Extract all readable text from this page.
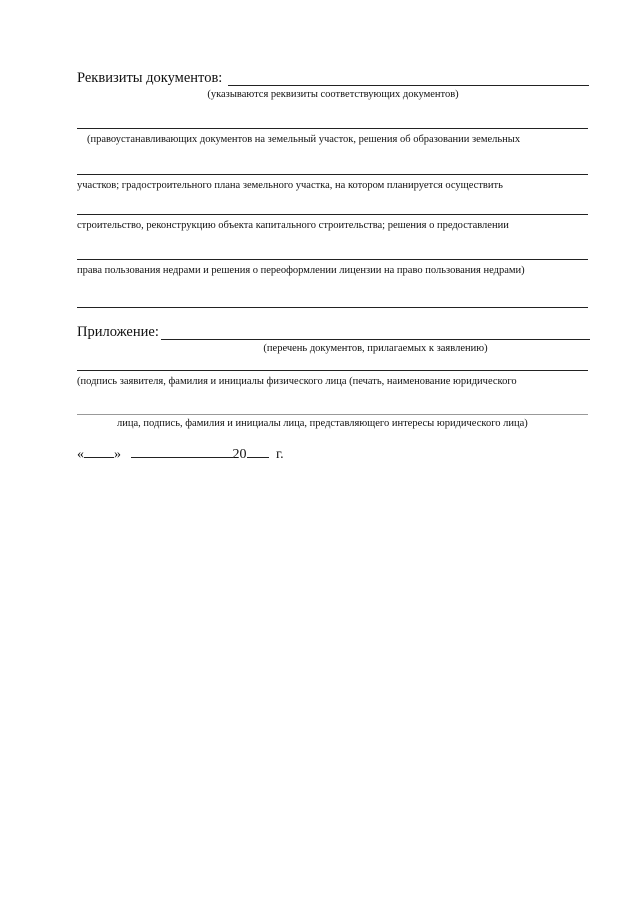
Реквизиты документов:
(указываются реквизиты соответствующих документов)
(правоустанавливающих документов на земельный участок, решения об образовании земельных
участков; градостроительного плана земельного участка, на котором планируется осуществить
строительство, реконструкцию объекта капитального строительства; решения о предоставлении
права пользования недрами и решения о переоформлении лицензии на право пользования недрами)
Приложение:
(перечень документов, прилагаемых к заявлению)
(подпись заявителя, фамилия и инициалы физического лица (печать, наименование юридического
лица, подпись, фамилия и инициалы лица, представляющего интересы юридического лица)
« »	20 г.
